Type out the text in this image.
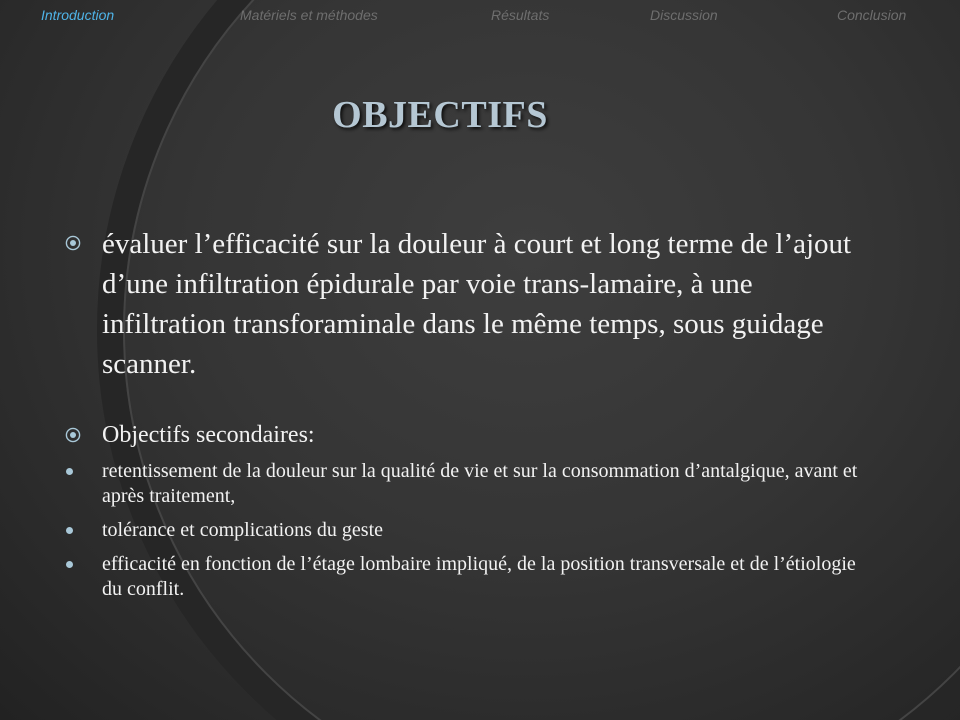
Introduction	Matériels et méthodes	Résultats	Discussion	Conclusion
OBJECTIFS
évaluer l’efficacité sur la douleur à court et long terme de l’ajout d’une infiltration épidurale par voie trans-lamaire, à une infiltration transforaminale dans le même temps, sous guidage scanner.
Objectifs secondaires:
retentissement de la douleur sur la qualité de vie et sur la consommation d’antalgique, avant et après traitement,
tolérance et complications du geste
efficacité en fonction de l’étage lombaire impliqué, de la position transversale et de l’étiologie du conflit.
